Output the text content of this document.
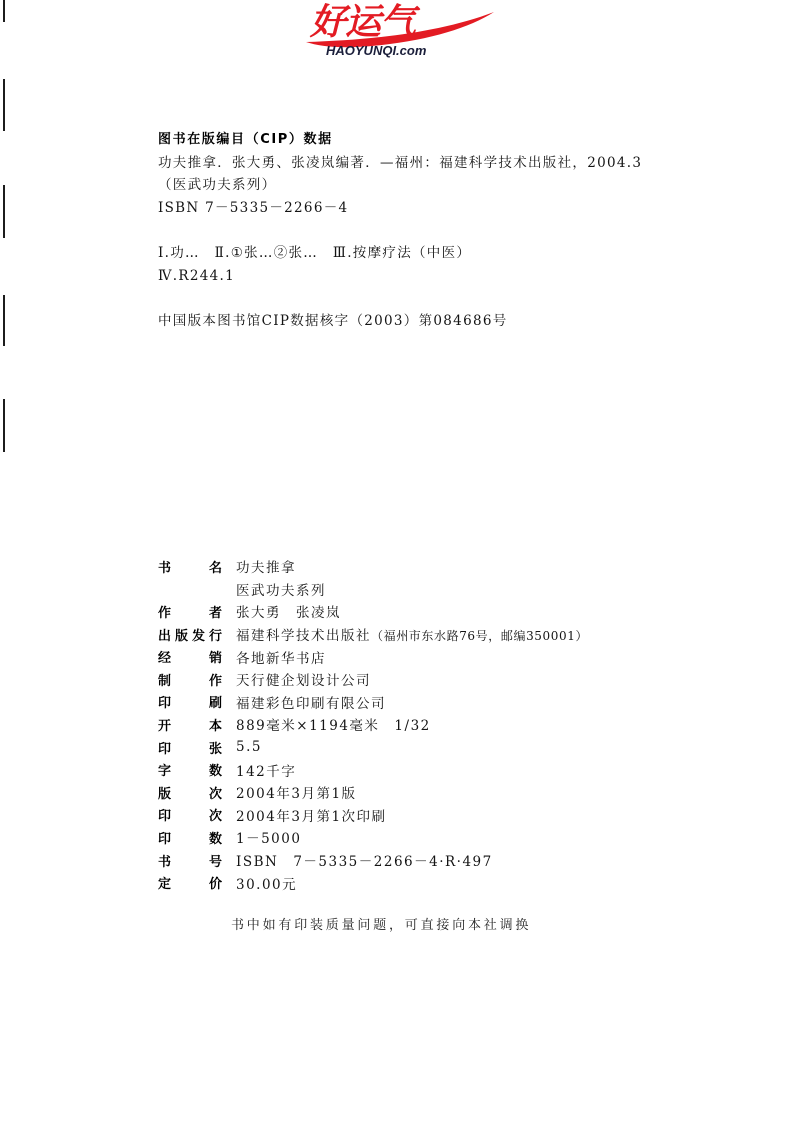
好运气
HAOYUNQI.com
图书在版编目（CIP）数据
功夫推拿．张大勇、张凌岚编著．—福州：福建科学技术出版社，2004.3
（医武功夫系列）
ISBN 7－5335－2266－4
Ⅰ.功…　Ⅱ.①张…②张…　Ⅲ.按摩疗法（中医）
Ⅳ.R244.1
中国版本图书馆CIP数据核字（2003）第084686号
书	名 功夫推拿
医武功夫系列
作	者 张大勇　张凌岚
出 版 发 行 福建科学技术出版社（福州市东水路76号，邮编350001）
经	销 各地新华书店
制	作 天行健企划设计公司
印	刷 福建彩色印刷有限公司
开	本 889毫米×1194毫米　1/32
印	张 5.5
字	数 142千字
版	次 2004年3月第1版
印	次 2004年3月第1次印刷
印	数 1－5000
书	号 ISBN　7－5335－2266－4·R·497
定	价 30.00元
书中如有印装质量问题，可直接向本社调换
